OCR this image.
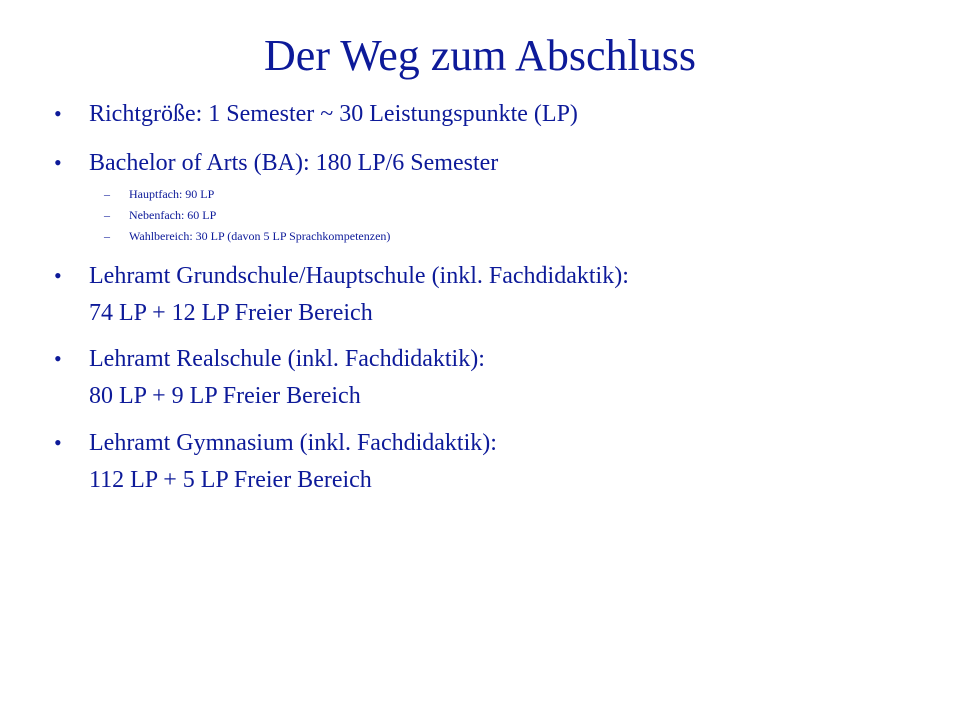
Der Weg zum Abschluss
• Richtgröße: 1 Semester ~ 30 Leistungspunkte (LP)
• Bachelor of Arts (BA): 180 LP/6 Semester
– Hauptfach: 90 LP
– Nebenfach: 60 LP
– Wahlbereich: 30 LP (davon 5 LP Sprachkompetenzen)
• Lehramt Grundschule/Hauptschule (inkl. Fachdidaktik):
74 LP + 12 LP Freier Bereich
• Lehramt Realschule (inkl. Fachdidaktik):
80 LP + 9 LP Freier Bereich
• Lehramt Gymnasium (inkl. Fachdidaktik):
112 LP + 5 LP Freier Bereich
